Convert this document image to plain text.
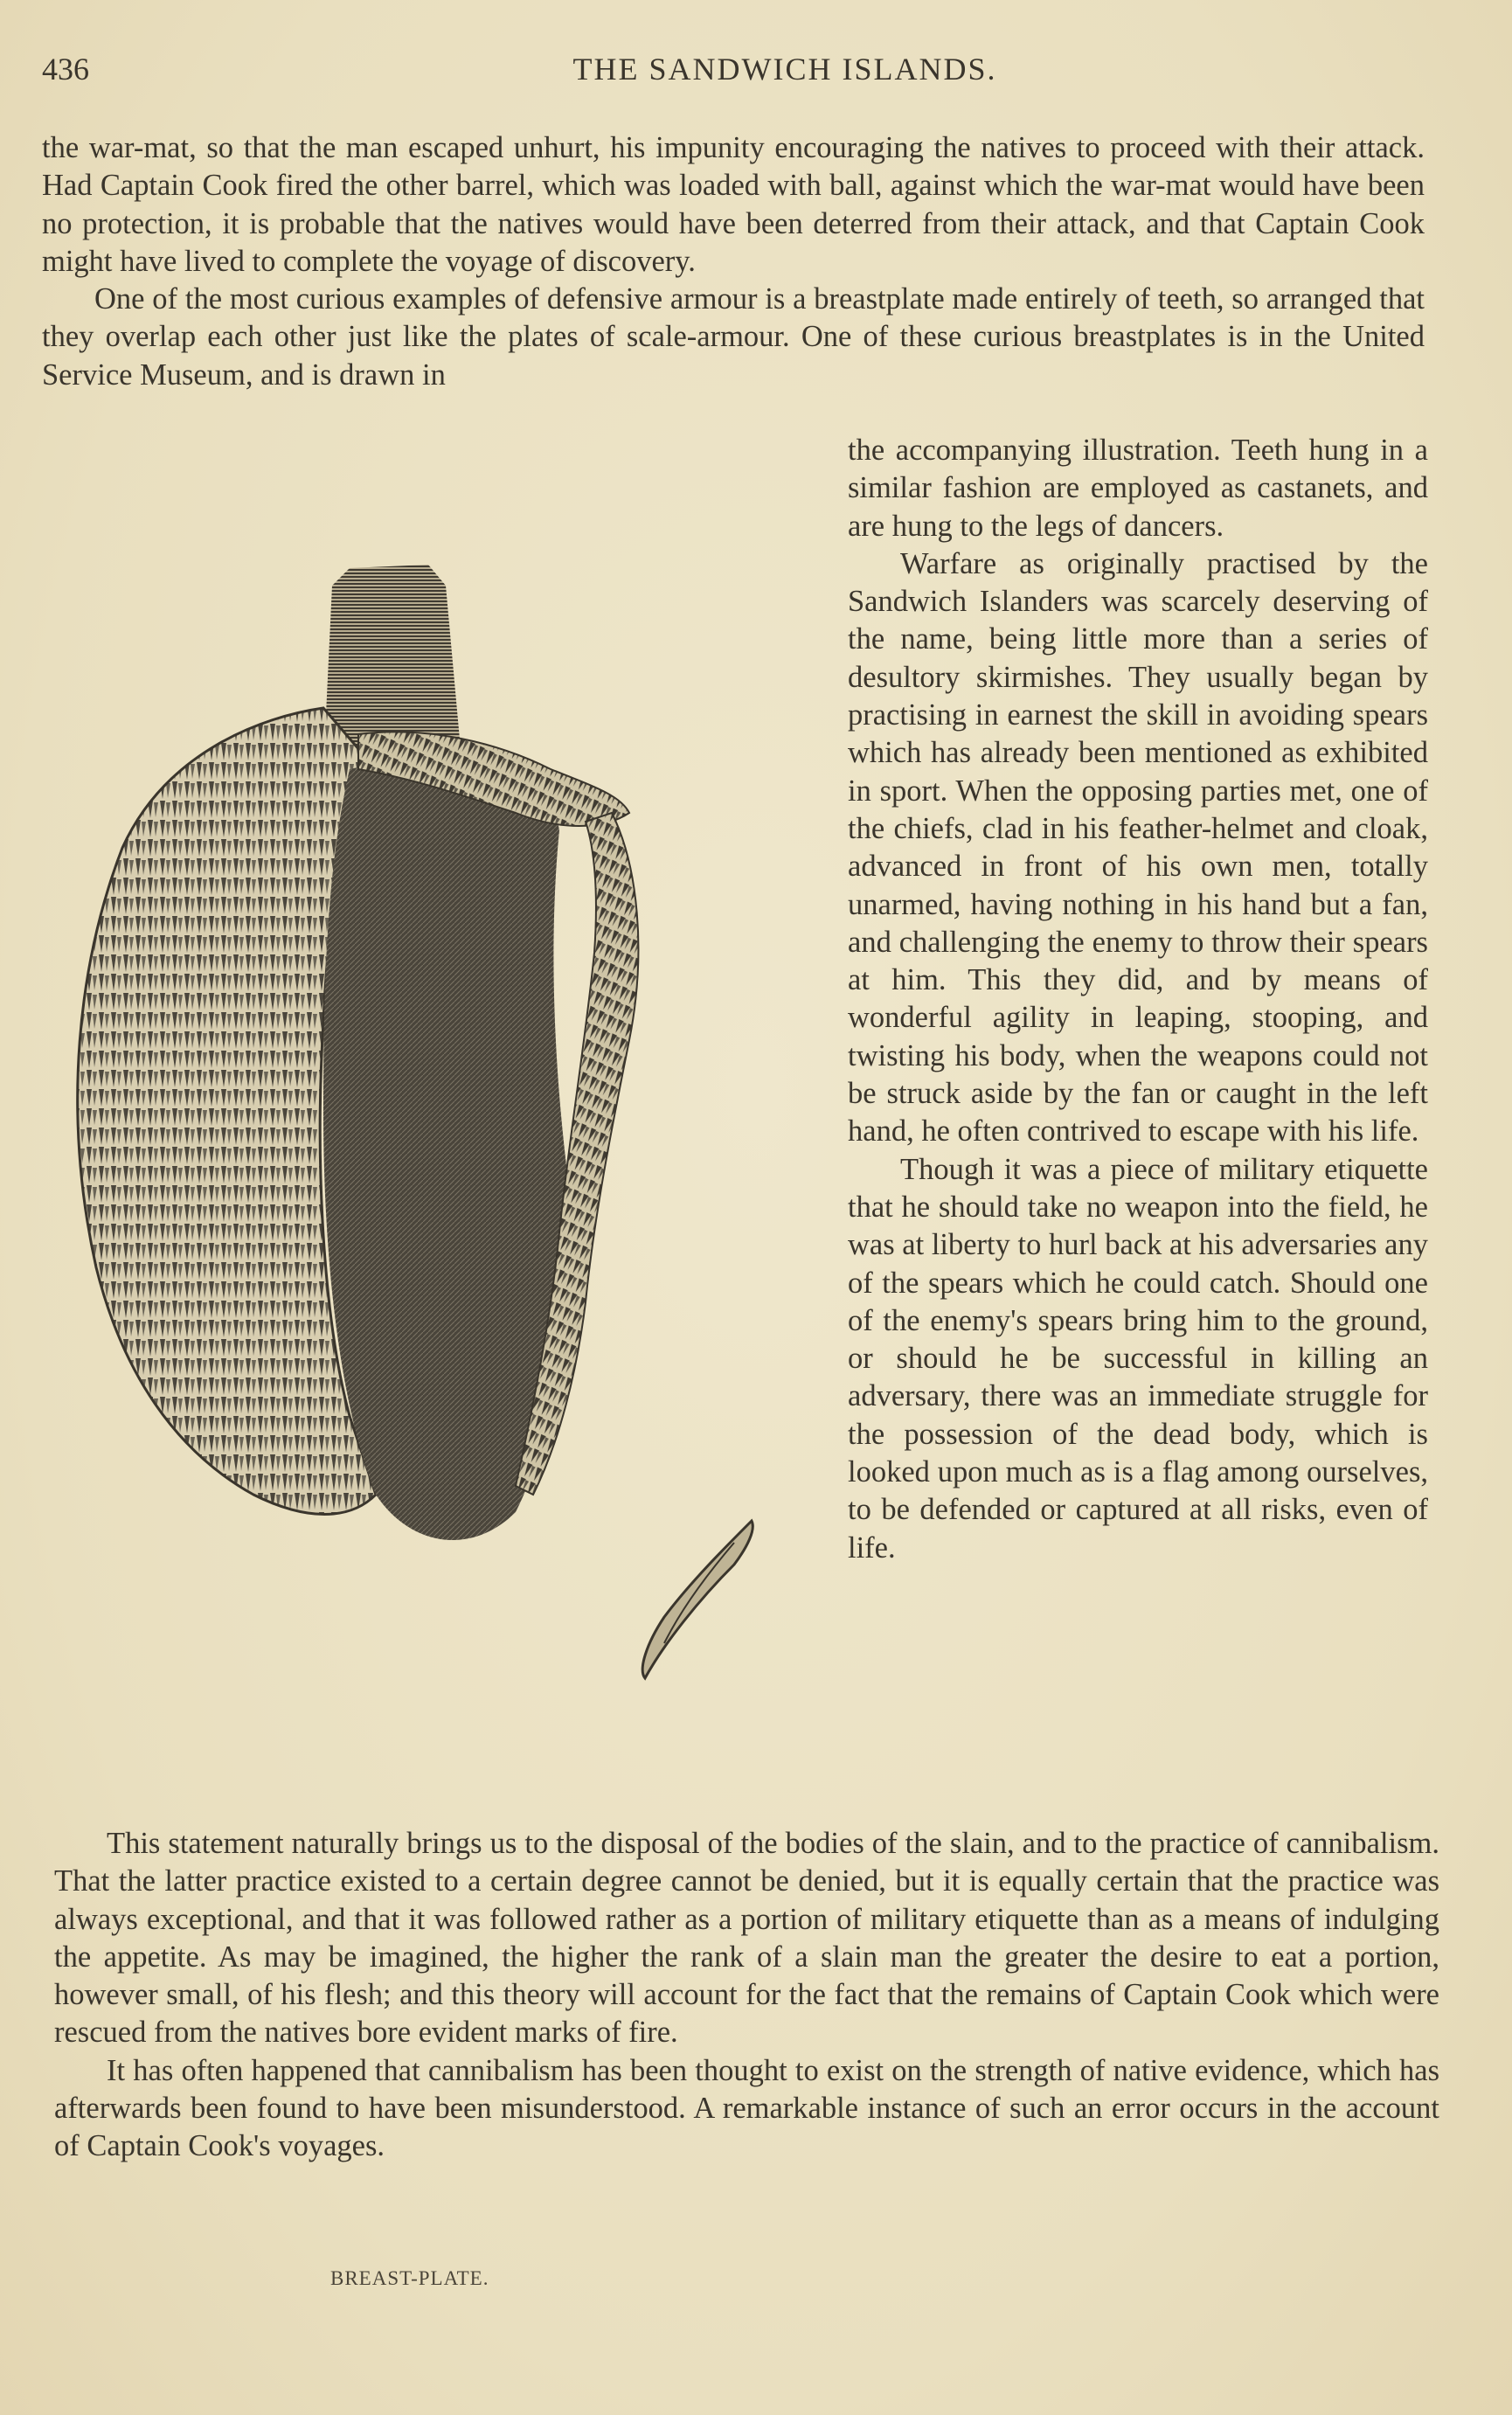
436	THE SANDWICH ISLANDS.

the war-mat, so that the man escaped unhurt, his impunity encouraging the natives to proceed with their attack. Had Captain Cook fired the other barrel, which was loaded with ball, against which the war-mat would have been no protection, it is probable that the natives would have been deterred from their attack, and that Captain Cook might have lived to complete the voyage of discovery.

One of the most curious examples of defensive armour is a breastplate made entirely of teeth, so arranged that they overlap each other just like the plates of scale-armour. One of these curious breastplates is in the United Service Museum, and is drawn in

BREAST-PLATE.

the accompanying illustration. Teeth hung in a similar fashion are employed as castanets, and are hung to the legs of dancers.

Warfare as originally practised by the Sandwich Islanders was scarcely deserving of the name, being little more than a series of desultory skirmishes. They usually began by practising in earnest the skill in avoiding spears which has already been mentioned as exhibited in sport. When the opposing parties met, one of the chiefs, clad in his feather-helmet and cloak, advanced in front of his own men, totally unarmed, having nothing in his hand but a fan, and challenging the enemy to throw their spears at him. This they did, and by means of wonderful agility in leaping, stooping, and twisting his body, when the weapons could not be struck aside by the fan or caught in the left hand, he often contrived to escape with his life.

Though it was a piece of military etiquette that he should take no weapon into the field, he was at liberty to hurl back at his adversaries any of the spears which he could catch. Should one of the enemy's spears bring him to the ground, or should he be successful in killing an adversary, there was an immediate struggle for the possession of the dead body, which is looked upon much as is a flag among ourselves, to be defended or captured at all risks, even of life.

This statement naturally brings us to the disposal of the bodies of the slain, and to the practice of cannibalism. That the latter practice existed to a certain degree cannot be denied, but it is equally certain that the practice was always exceptional, and that it was followed rather as a portion of military etiquette than as a means of indulging the appetite. As may be imagined, the higher the rank of a slain man the greater the desire to eat a portion, however small, of his flesh; and this theory will account for the fact that the remains of Captain Cook which were rescued from the natives bore evident marks of fire.

It has often happened that cannibalism has been thought to exist on the strength of native evidence, which has afterwards been found to have been misunderstood. A remarkable instance of such an error occurs in the account of Captain Cook's voyages.
